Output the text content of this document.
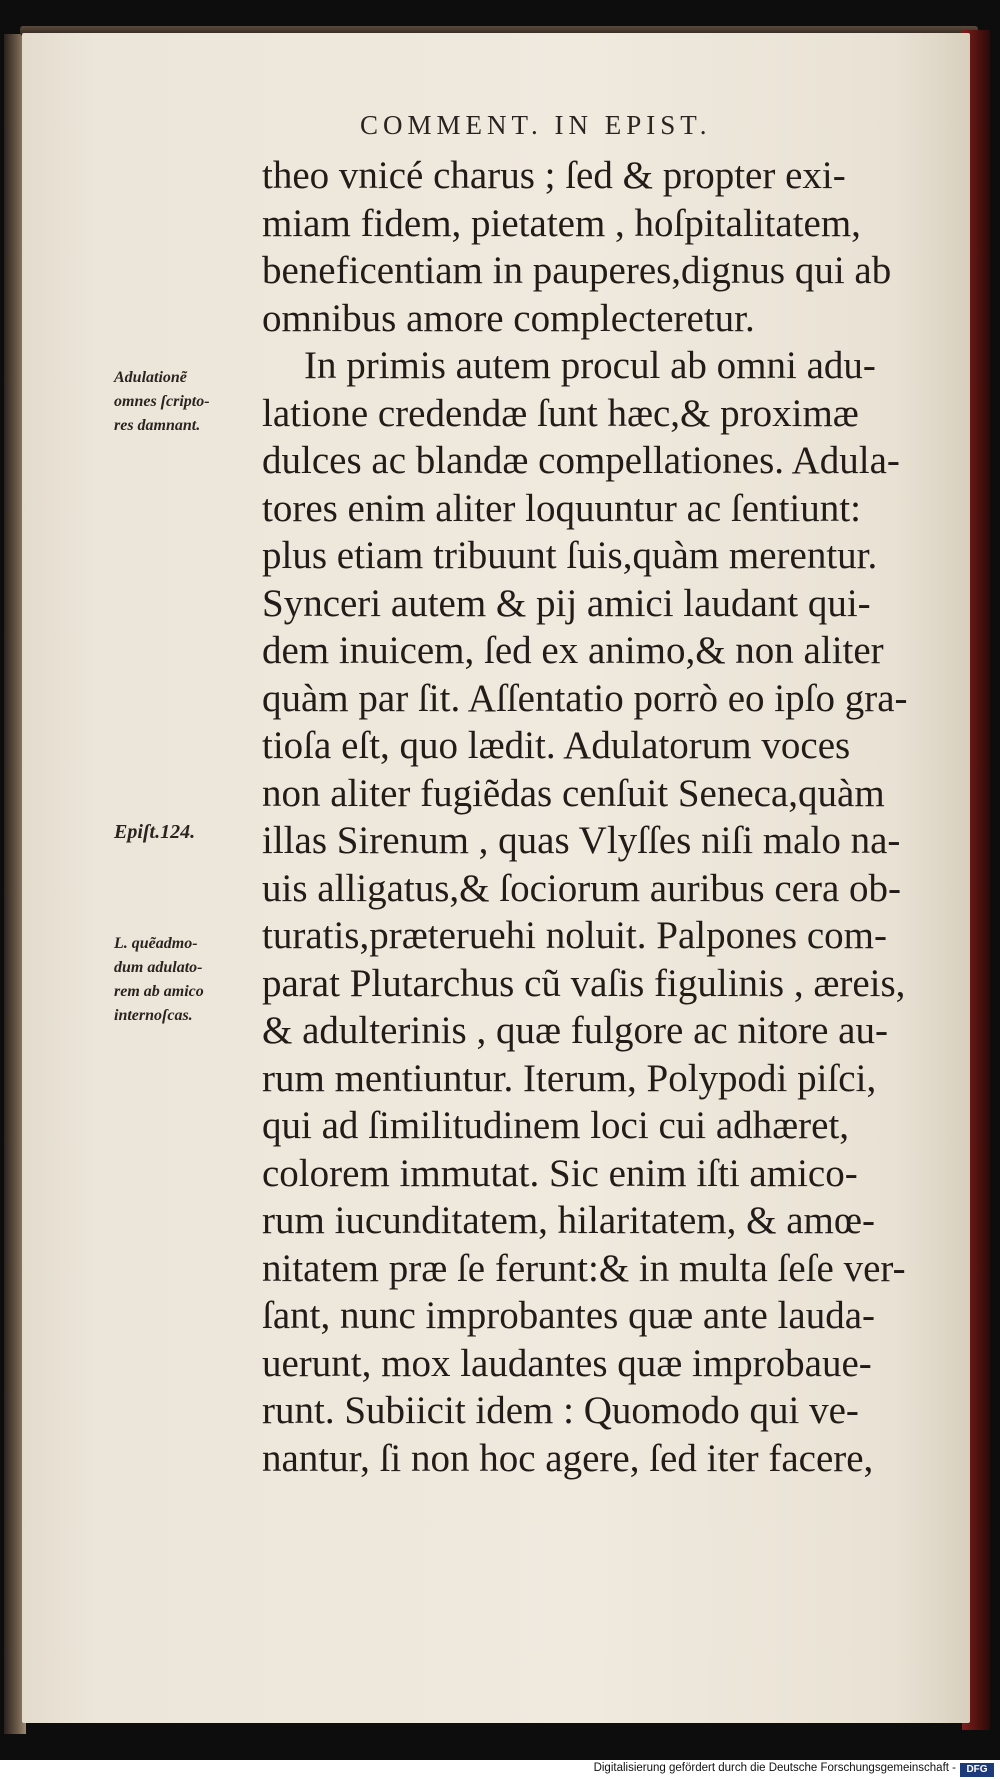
COMMENT. IN EPIST.
theo vnicé charus ; ſed & propter exi-
miam fidem, pietatem , hoſpitalitatem,
beneficentiam in pauperes,dignus qui ab
omnibus amore complecteretur.
In primis autem procul ab omni adu-
latione credendæ ſunt hæc,& proximæ
dulces ac blandæ compellationes. Adula-
tores enim aliter loquuntur ac ſentiunt:
plus etiam tribuunt ſuis,quàm merentur.
Synceri autem & pij amici laudant qui-
dem inuicem, ſed ex animo,& non aliter
quàm par ſit. Aſſentatio porrò eo ipſo gra-
tioſa eſt, quo lædit. Adulatorum voces
non aliter fugiẽdas cenſuit Seneca,quàm
illas Sirenum , quas Vlyſſes niſi malo na-
uis alligatus,& ſociorum auribus cera ob-
turatis,præteruehi noluit. Palpones com-
parat Plutarchus cũ vaſis figulinis , æreis,
& adulterinis , quæ fulgore ac nitore au-
rum mentiuntur. Iterum, Polypodi piſci,
qui ad ſimilitudinem loci cui adhæret,
colorem immutat. Sic enim iſti amico-
rum iucunditatem, hilaritatem, & amœ-
nitatem præ ſe ferunt:& in multa ſeſe ver-
ſant, nunc improbantes quæ ante lauda-
uerunt, mox laudantes quæ improbaue-
runt. Subiicit idem : Quomodo qui ve-
nantur, ſi non hoc agere, ſed iter facere,
Adulationẽ
omnes ſcripto-
res damnant.
Epiſt.124.
L. quẽadmo-
dum adulato-
rem ab amico
internoſcas.
Digitalisierung gefördert durch die Deutsche Forschungsgemeinschaft -	DFG
